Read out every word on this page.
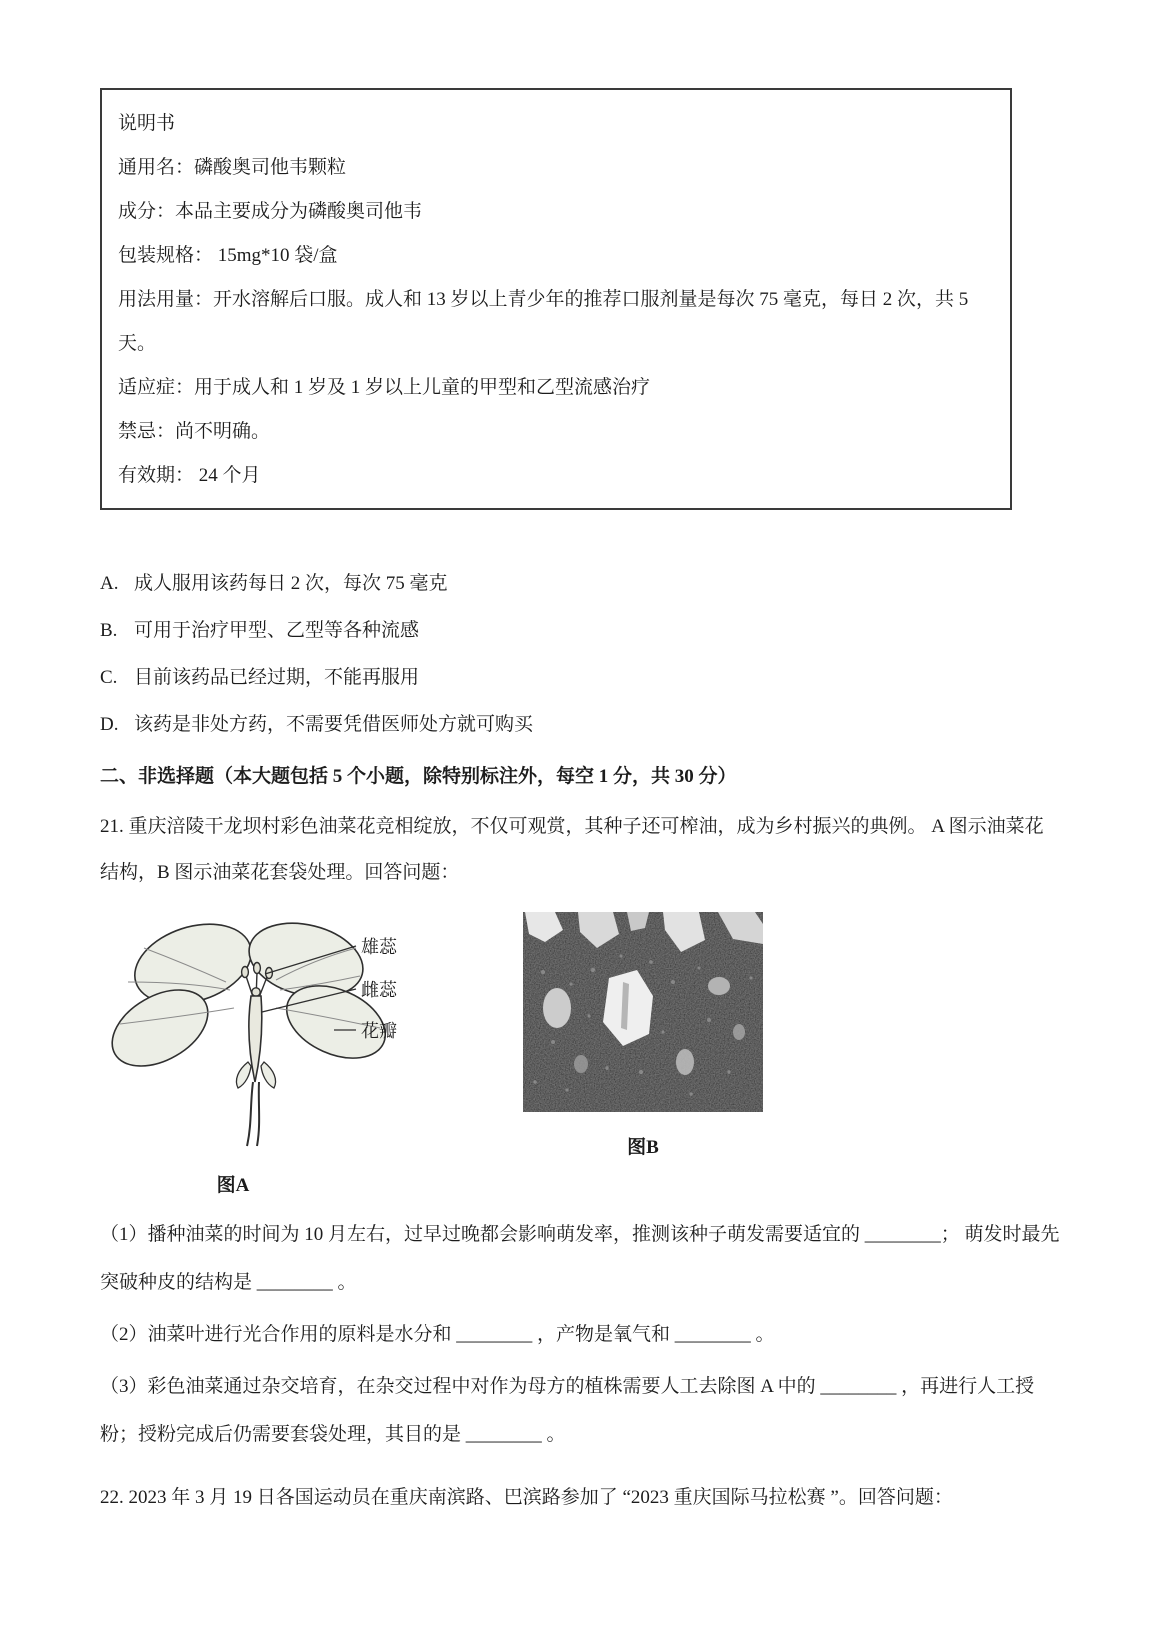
说明书

通用名：磷酸奥司他韦颗粒

成分：本品主要成分为磷酸奥司他韦

包装规格： 15mg*10 袋/盒

用法用量：开水溶解后口服。成人和 13 岁以上青少年的推荐口服剂量是每次 75 毫克，每日 2 次，共 5 天。

适应症：用于成人和 1 岁及 1 岁以上儿童的甲型和乙型流感治疗

禁忌：尚不明确。

有效期： 24 个月

A. 成人服用该药每日 2 次，每次 75 毫克

B. 可用于治疗甲型、乙型等各种流感

C. 目前该药品已经过期，不能再服用

D. 该药是非处方药，不需要凭借医师处方就可购买

二、非选择题（本大题包括 5 个小题，除特别标注外，每空 1 分，共 30 分）

21. 重庆涪陵干龙坝村彩色油菜花竞相绽放，不仅可观赏，其种子还可榨油，成为乡村振兴的典例。 A 图示油菜花结构，B 图示油菜花套袋处理。回答问题：

雄蕊
雌蕊
花瓣

图A

图B

（1）播种油菜的时间为 10 月左右，过早过晚都会影响萌发率，推测该种子萌发需要适宜的 ________； 萌发时最先突破种皮的结构是 ________ 。

（2）油菜叶进行光合作用的原料是水分和 ________ ，产物是氧气和 ________ 。

（3）彩色油菜通过杂交培育，在杂交过程中对作为母方的植株需要人工去除图 A 中的 ________ ，再进行人工授粉；授粉完成后仍需要套袋处理，其目的是 ________ 。

22. 2023 年 3 月 19 日各国运动员在重庆南滨路、巴滨路参加了 “2023 重庆国际马拉松赛 ”。回答问题：
